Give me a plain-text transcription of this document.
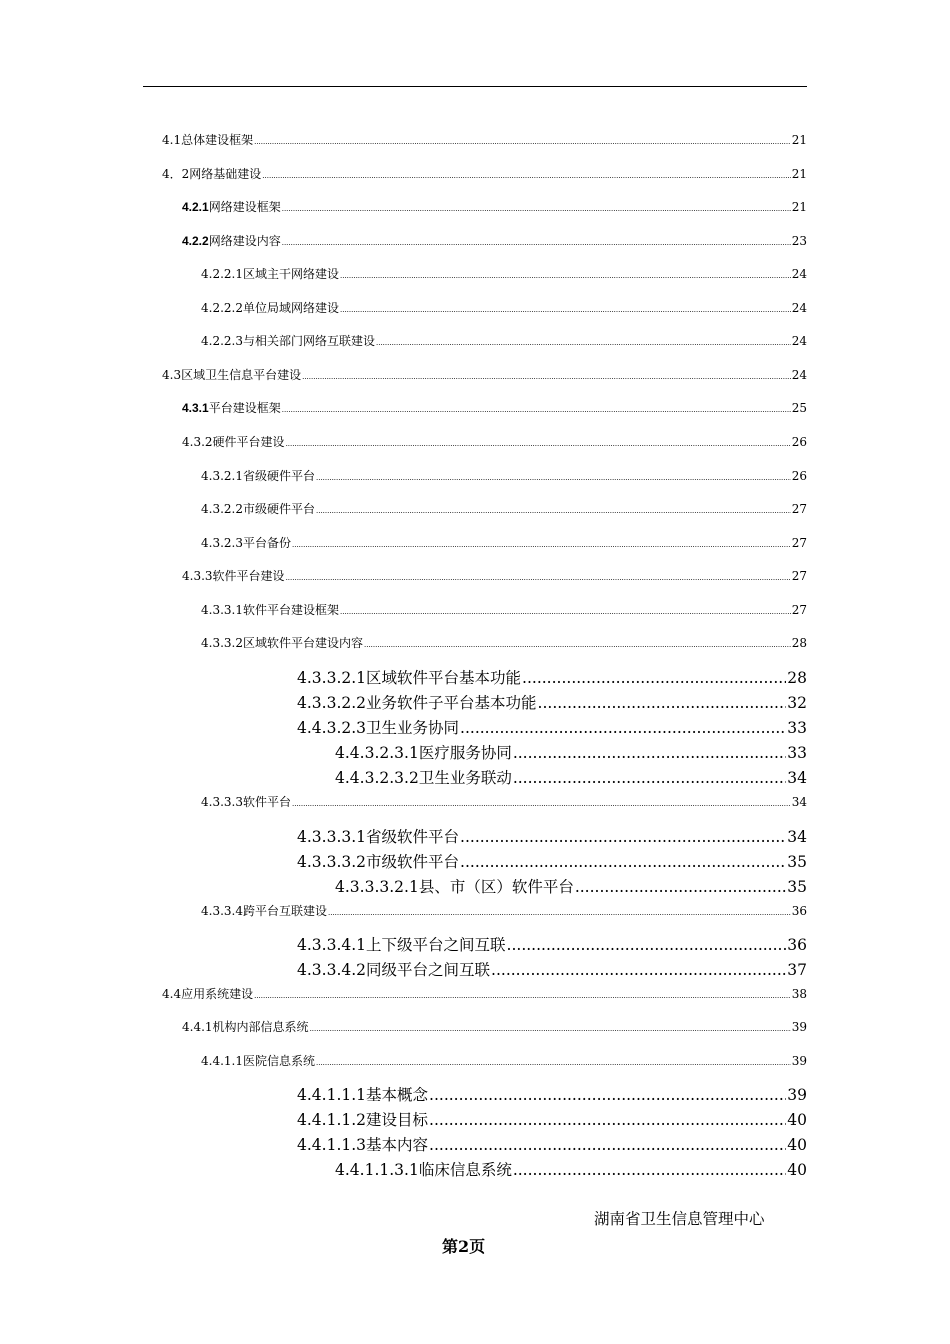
4.1 总体建设框架 .....	21
4．2 网络基础建设 .....	21
4.2.1 网络建设框架 .....	21
4.2.2 网络建设内容 .....	23
4.2.2.1 区域主干网络建设 .....	24
4.2.2.2 单位局域网络建设 .....	24
4.2.2.3 与相关部门网络互联建设 .....	24
4.3 区域卫生信息平台建设 .....	24
4.3.1 平台建设框架 .....	25
4.3.2 硬件平台建设 .....	26
4.3.2.1 省级硬件平台 .....	26
4.3.2.2 市级硬件平台 .....	27
4.3.2.3 平台备份 .....	27
4.3.3 软件平台建设 .....	27
4.3.3.1 软件平台建设框架 .....	27
4.3.3.2 区域软件平台建设内容 .....	28
4.3.3.2.1 区域软件平台基本功能 .....	28
4.3.3.2.2 业务软件子平台基本功能 .....	32
4.4.3.2.3 卫生业务协同 .....	33
4.4.3.2.3.1 医疗服务协同 .....	33
4.4.3.2.3.2 卫生业务联动 .....	34
4.3.3.3 软件平台 .....	34
4.3.3.3.1 省级软件平台 .....	34
4.3.3.3.2 市级软件平台 .....	35
4.3.3.3.2.1 县、市（区）软件平台 .....	35
4.3.3.4 跨平台互联建设 .....	36
4.3.3.4.1 上下级平台之间互联 .....	36
4.3.3.4.2 同级平台之间互联 .....	37
4.4 应用系统建设 .....	38
4.4.1 机构内部信息系统 .....	39
4.4.1.1 医院信息系统 .....	39
4.4.1.1.1 基本概念 .....	39
4.4.1.1.2 建设目标 .....	40
4.4.1.1.3 基本内容 .....	40
4.4.1.1.3.1 临床信息系统 .....	40
湖南省卫生信息管理中心
第2页
